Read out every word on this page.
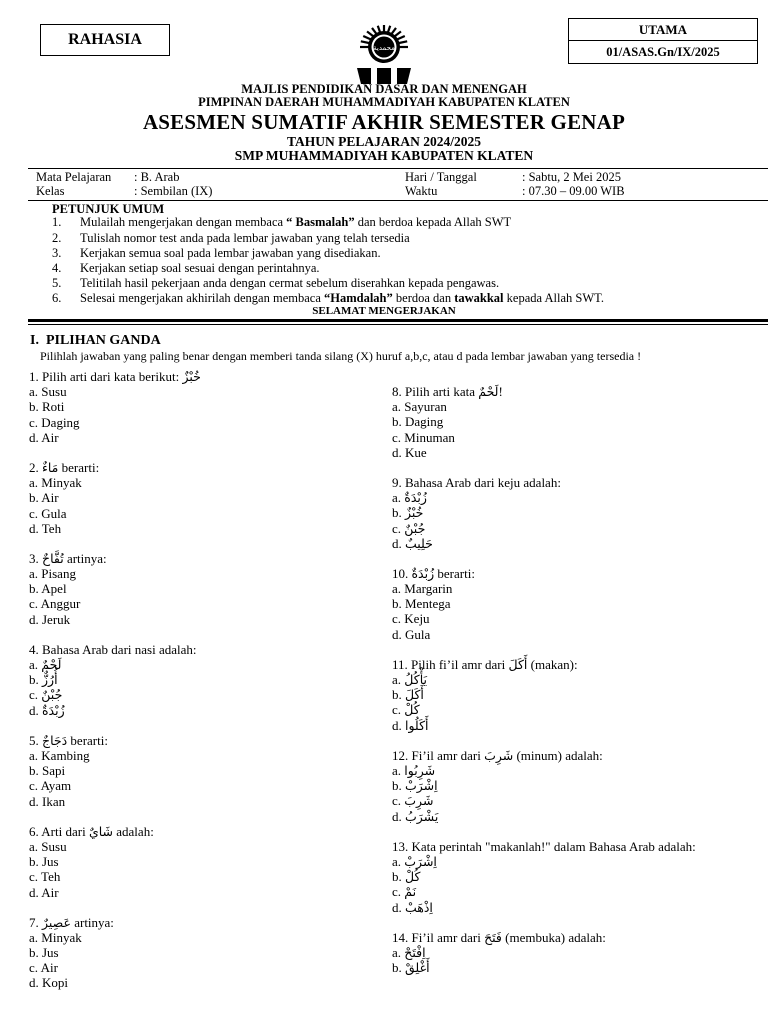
RAHASIA
UTAMA
01/ASAS.Gn/IX/2025
محمدية
MAJLIS PENDIDIKAN DASAR DAN MENENGAH
PIMPINAN DAERAH MUHAMMADIYAH KABUPATEN KLATEN
ASESMEN SUMATIF AKHIR SEMESTER GENAP
TAHUN PELAJARAN 2024/2025
SMP MUHAMMADIYAH KABUPATEN KLATEN
Mata Pelajaran : B. Arab
Kelas	: Sembilan (IX)
Hari / Tanggal	: Sabtu, 2 Mei 2025
Waktu	: 07.30 – 09.00 WIB
PETUNJUK UMUM
1. Mulailah mengerjakan dengan membaca “ Basmalah” dan berdoa kepada Allah SWT
2. Tulislah nomor test anda pada lembar jawaban yang telah tersedia
3. Kerjakan semua soal pada lembar jawaban yang disediakan.
4. Kerjakan setiap soal sesuai dengan perintahnya.
5. Telitilah hasil pekerjaan anda dengan cermat sebelum diserahkan kepada pengawas.
6. Selesai mengerjakan akhirilah dengan membaca “Hamdalah” berdoa dan tawakkal kepada Allah SWT.
SELAMAT MENGERJAKAN
I. PILIHAN GANDA
Pilihlah jawaban yang paling benar dengan memberi tanda silang (X) huruf a,b,c, atau d pada lembar jawaban yang tersedia !
1. Pilih arti dari kata berikut: خُبْزٌ
a. Susu
b. Roti
c. Daging
d. Air
2. مَاءٌ berarti:
a. Minyak
b. Air
c. Gula
d. Teh
3. تُفَّاحٌ artinya:
a. Pisang
b. Apel
c. Anggur
d. Jeruk
4. Bahasa Arab dari nasi adalah:
a. لَحْمٌ
b. أُرُزٌّ
c. جُبْنٌ
d. زُبْدَةٌ
5. دَجَاجٌ berarti:
a. Kambing
b. Sapi
c. Ayam
d. Ikan
6. Arti dari شَايٌ adalah:
a. Susu
b. Jus
c. Teh
d. Air
7. عَصِيرٌ artinya:
a. Minyak
b. Jus
c. Air
d. Kopi
8. Pilih arti kata لَحْمٌ!
a. Sayuran
b. Daging
c. Minuman
d. Kue
9. Bahasa Arab dari keju adalah:
a. زُبْدَةٌ
b. خُبْزٌ
c. جُبْنٌ
d. حَلِيبٌ
10. زُبْدَةٌ berarti:
a. Margarin
b. Mentega
c. Keju
d. Gula
11. Pilih fi’il amr dari أَكَلَ (makan):
a. يَأْكُلُ
b. أَكَلَ
c. كُلْ
d. أَكَلُوا
12. Fi’il amr dari شَرِبَ (minum) adalah:
a. شَرِبُوا
b. اِشْرَبْ
c. شَرِبَ
d. يَشْرَبُ
13. Kata perintah "makanlah!" dalam Bahasa Arab adalah:
a. اِشْرَبْ
b. كُلْ
c. نَمْ
d. اِذْهَبْ
14. Fi’il amr dari فَتَحَ (membuka) adalah:
a. اِفْتَحْ
b. أَغْلِقْ
